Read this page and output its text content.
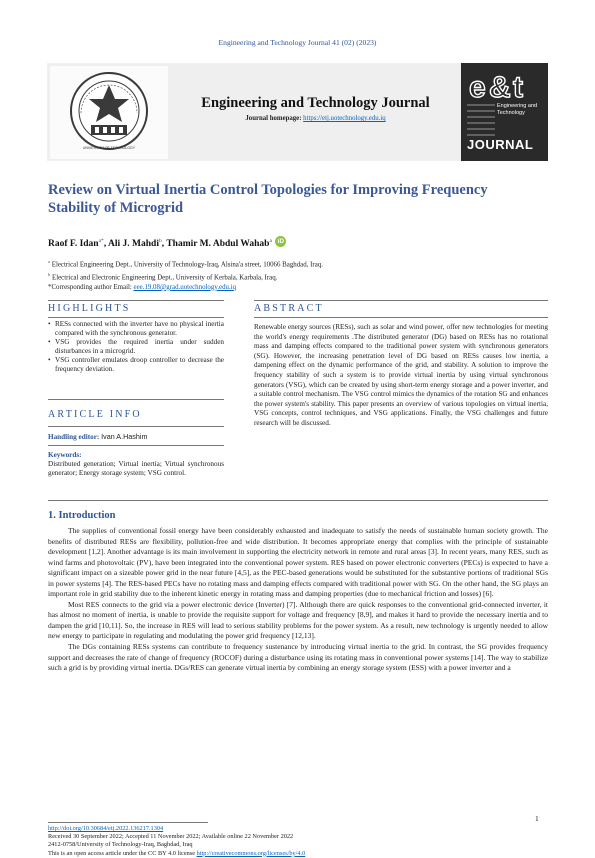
Engineering and Technology Journal 41 (02) (2023)
UNIVERSITY OF TECHNOLOGY
Engineering and Technology Journal
Journal homepage: https://etj.uotechnology.edu.iq
e & t
Engineering and Technology
JOURNAL
Review on Virtual Inertia Control Topologies for Improving Frequency
Stability of Microgrid
Raof F. Idan$^{a*}$, Ali J. Mahdi$^b$, Thamir M. Abdul Wahab$^a$ iD
$^a$ Electrical Engineering Dept., University of Technology-Iraq, Alsina'a street, 10066 Baghdad, Iraq.
$^b$ Electrical and Electronic Engineering Dept., University of Kerbala, Karbala, Iraq.
*Corresponding author Email: eee.19.08@grad.uotechnology.edu.iq
HIGHLIGHTS
• RESs connected with the inverter have no physical inertia compared with the synchronous generator.
• VSG provides the required inertia under sudden disturbances in a microgrid.
• VSG controller emulates droop controller to decrease the frequency deviation.
ARTICLE INFO
Handling editor: Ivan A.Hashim
Keywords:
Distributed generation; Virtual inertia; Virtual synchronous generator; Energy storage system; VSG control.
ABSTRACT
Renewable energy sources (RESs), such as solar and wind power, offer new technologies for meeting the world's energy requirements .The distributed generator (DG) based on RESs has no rotational mass and damping effects compared to the traditional power system with synchronous generators (SG). However, the increasing penetration level of DG based on RESs causes low inertia, a dampening effect on the dynamic performance of the grid, and stability. A solution to improve the frequency stability of such a system is to provide virtual inertia by using virtual synchronous generators (VSG), which can be created by using short-term energy storage and a power inverter, and a suitable control mechanism. The VSG control mimics the dynamics of the rotation SG and enhances the power system's stability. This paper presents an overview of various topologies on virtual inertia, VSG concepts, control techniques, and VSG applications. Finally, the VSG challenges and future research will be discussed.
1. Introduction

The supplies of conventional fossil energy have been considerably exhausted and inadequate to satisfy the needs of sustainable human society growth. The benefits of distributed RESs are flexibility, pollution-free and wide distribution. It becomes appropriate energy that complies with the principle of sustainable development [1,2]. Another advantage is its main involvement in supporting the electricity network in remote and rural areas [3]. In recent years, many RES, such as wind farms and photovoltaic (PV), have been integrated into the conventional power system. RES based on power electronic converters (PECs) is expected to have a significant impact on a sizeable power grid in the near future [4,5], as the PEC-based generations would be substituted for the substantive portions of traditional SGs in power systems [4]. The RES-based PECs have no rotating mass and damping effects compared with traditional power with SG. On the other hand, the SG plays an important role in grid stability due to the inherent kinetic energy in rotating mass and damping properties (due to mechanical friction and losses) [6].

Most RES connects to the grid via a power electronic device (Inverter) [7]. Although there are quick responses to the conventional grid-connected inverter, it has almost no moment of inertia, is unable to provide the requisite support for voltage and frequency [8,9], and makes it hard to provide the necessary inertia and to dampen the grid [10,11]. So, the increase in RES will lead to serious stability problems for the power system. As a result, new technology is urgently needed to allow new energy to participate in regulating and modulating the power grid frequency [12,13].

The DGs containing RESs systems can contribute to frequency sustenance by introducing virtual inertia to the grid. In contrast, the SG provides frequency support and decreases the rate of change of frequency (ROCOF) during a disturbance using its rotating mass in conventional power systems [14]. The way to stabilize such a grid is by providing virtual inertia. DGs/RES can generate virtual inertia by combining an energy storage system (ESS) with a power inverter and a

1
http://doi.org/10.30684/etj.2022.136217.1304
Received 30 September 2022; Accepted 11 November 2022; Available online 22 November 2022
2412-0758/University of Technology-Iraq, Baghdad, Iraq
This is an open access article under the CC BY 4.0 license http://creativecommons.org/licenses/by/4.0
